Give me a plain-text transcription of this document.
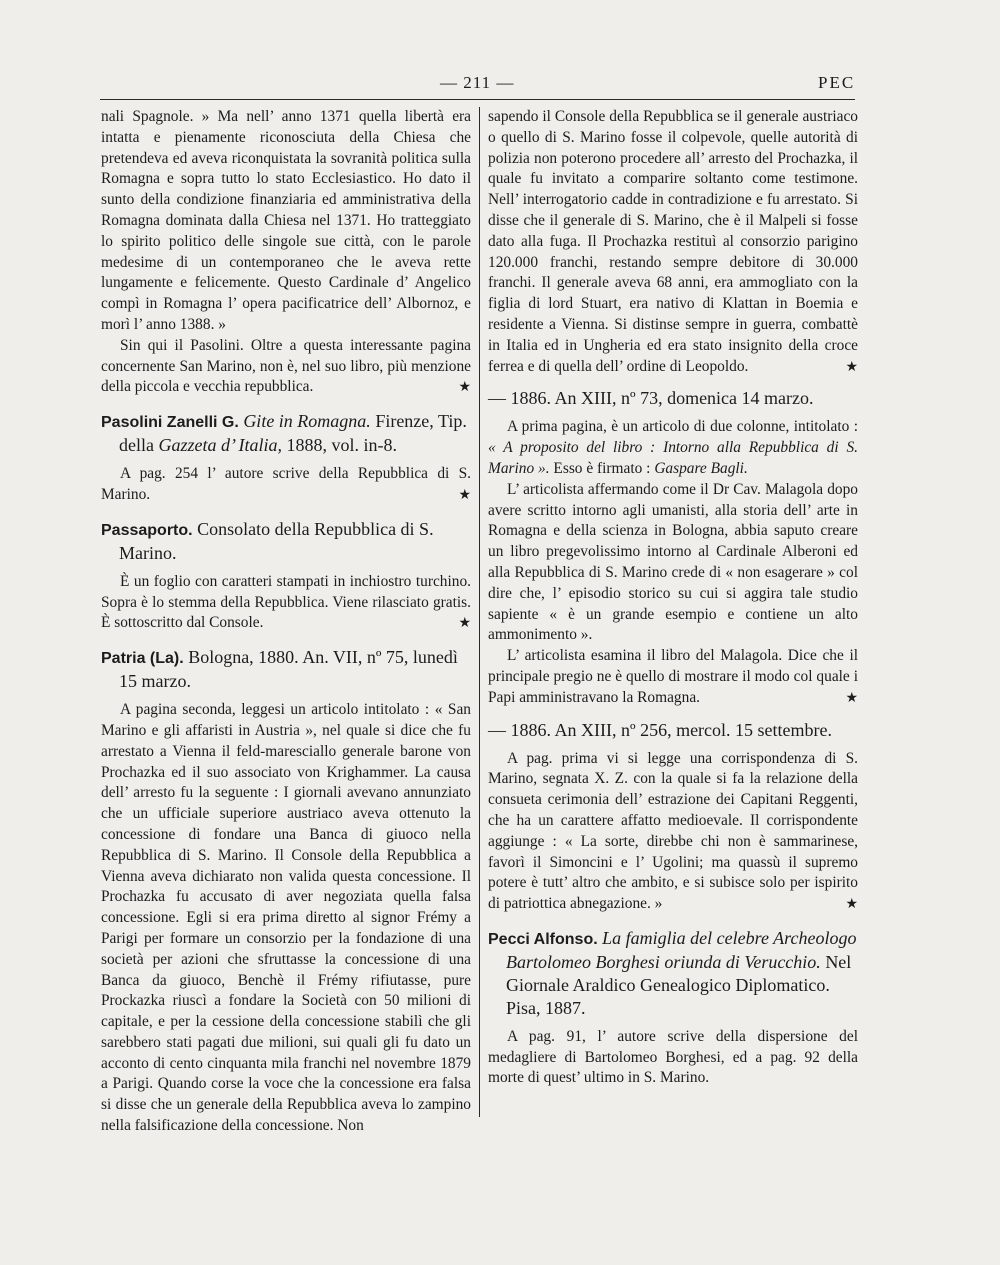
— 211 —	PEC

nali Spagnole. » Ma nell’ anno 1371 quella libertà era intatta e pienamente riconosciuta della Chiesa che pretendeva ed aveva riconquistata la sovranità politica sulla Romagna e sopra tutto lo stato Ecclesiastico. Ho dato il sunto della condizione finanziaria ed amministrativa della Romagna dominata dalla Chiesa nel 1371. Ho tratteggiato lo spirito politico delle singole sue città, con le parole medesime di un contemporaneo che le aveva rette lungamente e felicemente. Questo Cardinale d’ Angelico compì in Romagna l’ opera pacificatrice dell’ Albornoz, e morì l’ anno 1388. »

Sin qui il Pasolini. Oltre a questa interessante pagina concernente San Marino, non è, nel suo libro, più menzione della piccola e vecchia repubblica.	★

Pasolini Zanelli G. Gite in Romagna. Firenze, Tip. della Gazzeta d’ Italia, 1888, vol. in-8.

A pag. 254 l’ autore scrive della Repubblica di S. Marino.	★

Passaporto. Consolato della Repubblica di S. Marino.

È un foglio con caratteri stampati in inchiostro turchino. Sopra è lo stemma della Repubblica. Viene rilasciato gratis. È sottoscritto dal Console.	★

Patria (La). Bologna, 1880. An. VII, nº 75, lunedì 15 marzo.

A pagina seconda, leggesi un articolo intitolato : « San Marino e gli affaristi in Austria », nel quale si dice che fu arrestato a Vienna il feld-maresciallo generale barone von Prochazka ed il suo associato von Krighammer. La causa dell’ arresto fu la seguente : I giornali avevano annunziato che un ufficiale superiore austriaco aveva ottenuto la concessione di fondare una Banca di giuoco nella Repubblica di S. Marino. Il Console della Repubblica a Vienna aveva dichiarato non valida questa concessione. Il Prochazka fu accusato di aver negoziata quella falsa concessione. Egli si era prima diretto al signor Frémy a Parigi per formare un consorzio per la fondazione di una società per azioni che sfruttasse la concessione di una Banca da giuoco, Benchè il Frémy rifiutasse, pure Prockazka riuscì a fondare la Società con 50 milioni di capitale, e per la cessione della concessione stabilì che gli sarebbero stati pagati due milioni, sui quali gli fu dato un acconto di cento cinquanta mila franchi nel novembre 1879 a Parigi. Quando corse la voce che la concessione era falsa si disse che un generale della Repubblica aveva lo zampino nella falsificazione della concessione. Non

sapendo il Console della Repubblica se il generale austriaco o quello di S. Marino fosse il colpevole, quelle autorità di polizia non poterono procedere all’ arresto del Prochazka, il quale fu invitato a comparire soltanto come testimone. Nell’ interrogatorio cadde in contradizione e fu arrestato. Si disse che il generale di S. Marino, che è il Malpeli si fosse dato alla fuga. Il Prochazka restituì al consorzio parigino 120.000 franchi, restando sempre debitore di 30.000 franchi. Il generale aveva 68 anni, era ammogliato con la figlia di lord Stuart, era nativo di Klattan in Boemia e residente a Vienna. Si distinse sempre in guerra, combattè in Italia ed in Ungheria ed era stato insignito della croce ferrea e di quella dell’ ordine di Leopoldo.	★

— 1886. An XIII, nº 73, domenica 14 marzo.

A prima pagina, è un articolo di due colonne, intitolato : « A proposito del libro : Intorno alla Repubblica di S. Marino ». Esso è firmato : Gaspare Bagli.

L’ articolista affermando come il Dr Cav. Malagola dopo avere scritto intorno agli umanisti, alla storia dell’ arte in Romagna e della scienza in Bologna, abbia saputo creare un libro pregevolissimo intorno al Cardinale Alberoni ed alla Repubblica di S. Marino crede di « non esagerare » col dire che, l’ episodio storico su cui si aggira tale studio sapiente « è un grande esempio e contiene un alto ammonimento ».

L’ articolista esamina il libro del Malagola. Dice che il principale pregio ne è quello di mostrare il modo col quale i Papi amministravano la Romagna.	★

— 1886. An XIII, nº 256, mercol. 15 settembre.

A pag. prima vi si legge una corrispondenza di S. Marino, segnata X. Z. con la quale si fa la relazione della consueta cerimonia dell’ estrazione dei Capitani Reggenti, che ha un carattere affatto medioevale. Il corrispondente aggiunge : « La sorte, direbbe chi non è sammarinese, favorì il Simoncini e l’ Ugolini; ma quassù il supremo potere è tutt’ altro che ambito, e si subisce solo per ispirito di patriottica abnegazione. »	★

Pecci Alfonso. La famiglia del celebre Archeologo Bartolomeo Borghesi oriunda di Verucchio. Nel Giornale Araldico Genealogico Diplomatico. Pisa, 1887.

A pag. 91, l’ autore scrive della dispersione del medagliere di Bartolomeo Borghesi, ed a pag. 92 della morte di quest’ ultimo in S. Marino.
